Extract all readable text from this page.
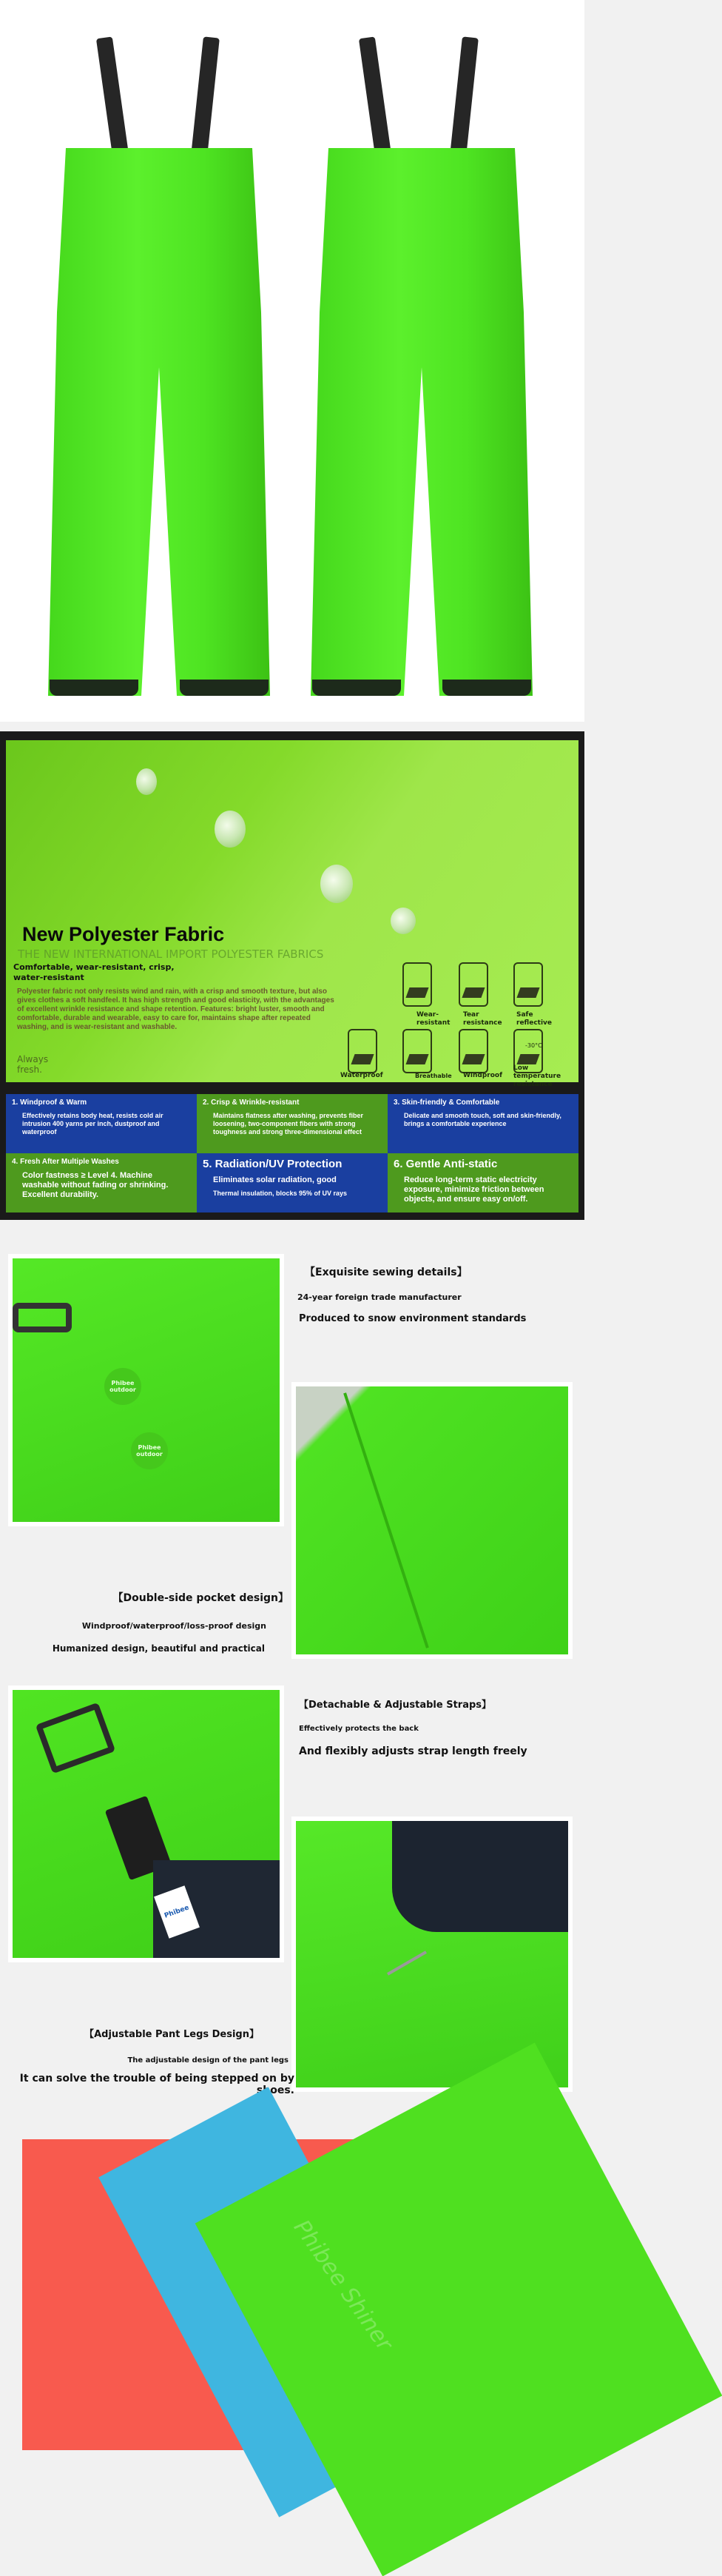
New Polyester Fabric
THE NEW INTERNATIONAL IMPORT POLYESTER FABRICS
Comfortable, wear-resistant, crisp, water-resistant
Polyester fabric not only resists wind and rain, with a crisp and smooth texture, but also gives clothes a soft handfeel. It has high strength and good elasticity, with the advantages of excellent wrinkle resistance and shape retention. Features: bright luster, smooth and comfortable, durable and wearable, easy to care for, maintains shape after repeated washing, and is wear-resistant and washable.
Always fresh.
Wear-resistant
Tear resistance
Safe reflective
-30°C
Waterproof	Breathable	Windproof
Low temperature resistance
1. Windproof & Warm

Effectively retains body heat, resists cold air intrusion 400 yarns per inch, dustproof and waterproof

2. Crisp & Wrinkle-resistant

Maintains flatness after washing, prevents fiber loosening, two-component fibers with strong toughness and strong three-dimensional effect

3. Skin-friendly & Comfortable

Delicate and smooth touch, soft and skin-friendly, brings a comfortable experience

4. Fresh After Multiple Washes

Color fastness ≥ Level 4. Machine washable without fading or shrinking. Excellent durability.

5. Radiation/UV Protection

Eliminates solar radiation, good

Thermal insulation, blocks 95% of UV rays

6. Gentle Anti-static

Reduce long-term static electricity exposure, minimize friction between objects, and ensure easy on/off.

Phibee outdoor
Phibee outdoor
【Exquisite sewing details】
24-year foreign trade manufacturer
Produced to snow environment standards
【Double-side pocket design】
Windproof/waterproof/loss-proof design
Humanized design, beautiful and practical
Phibee
【Detachable & Adjustable Straps】
Effectively protects the back
And flexibly adjusts strap length freely
【Adjustable Pant Legs Design】
The adjustable design of the pant legs
It can solve the trouble of being stepped on by shoes.
Phibee Shiner
